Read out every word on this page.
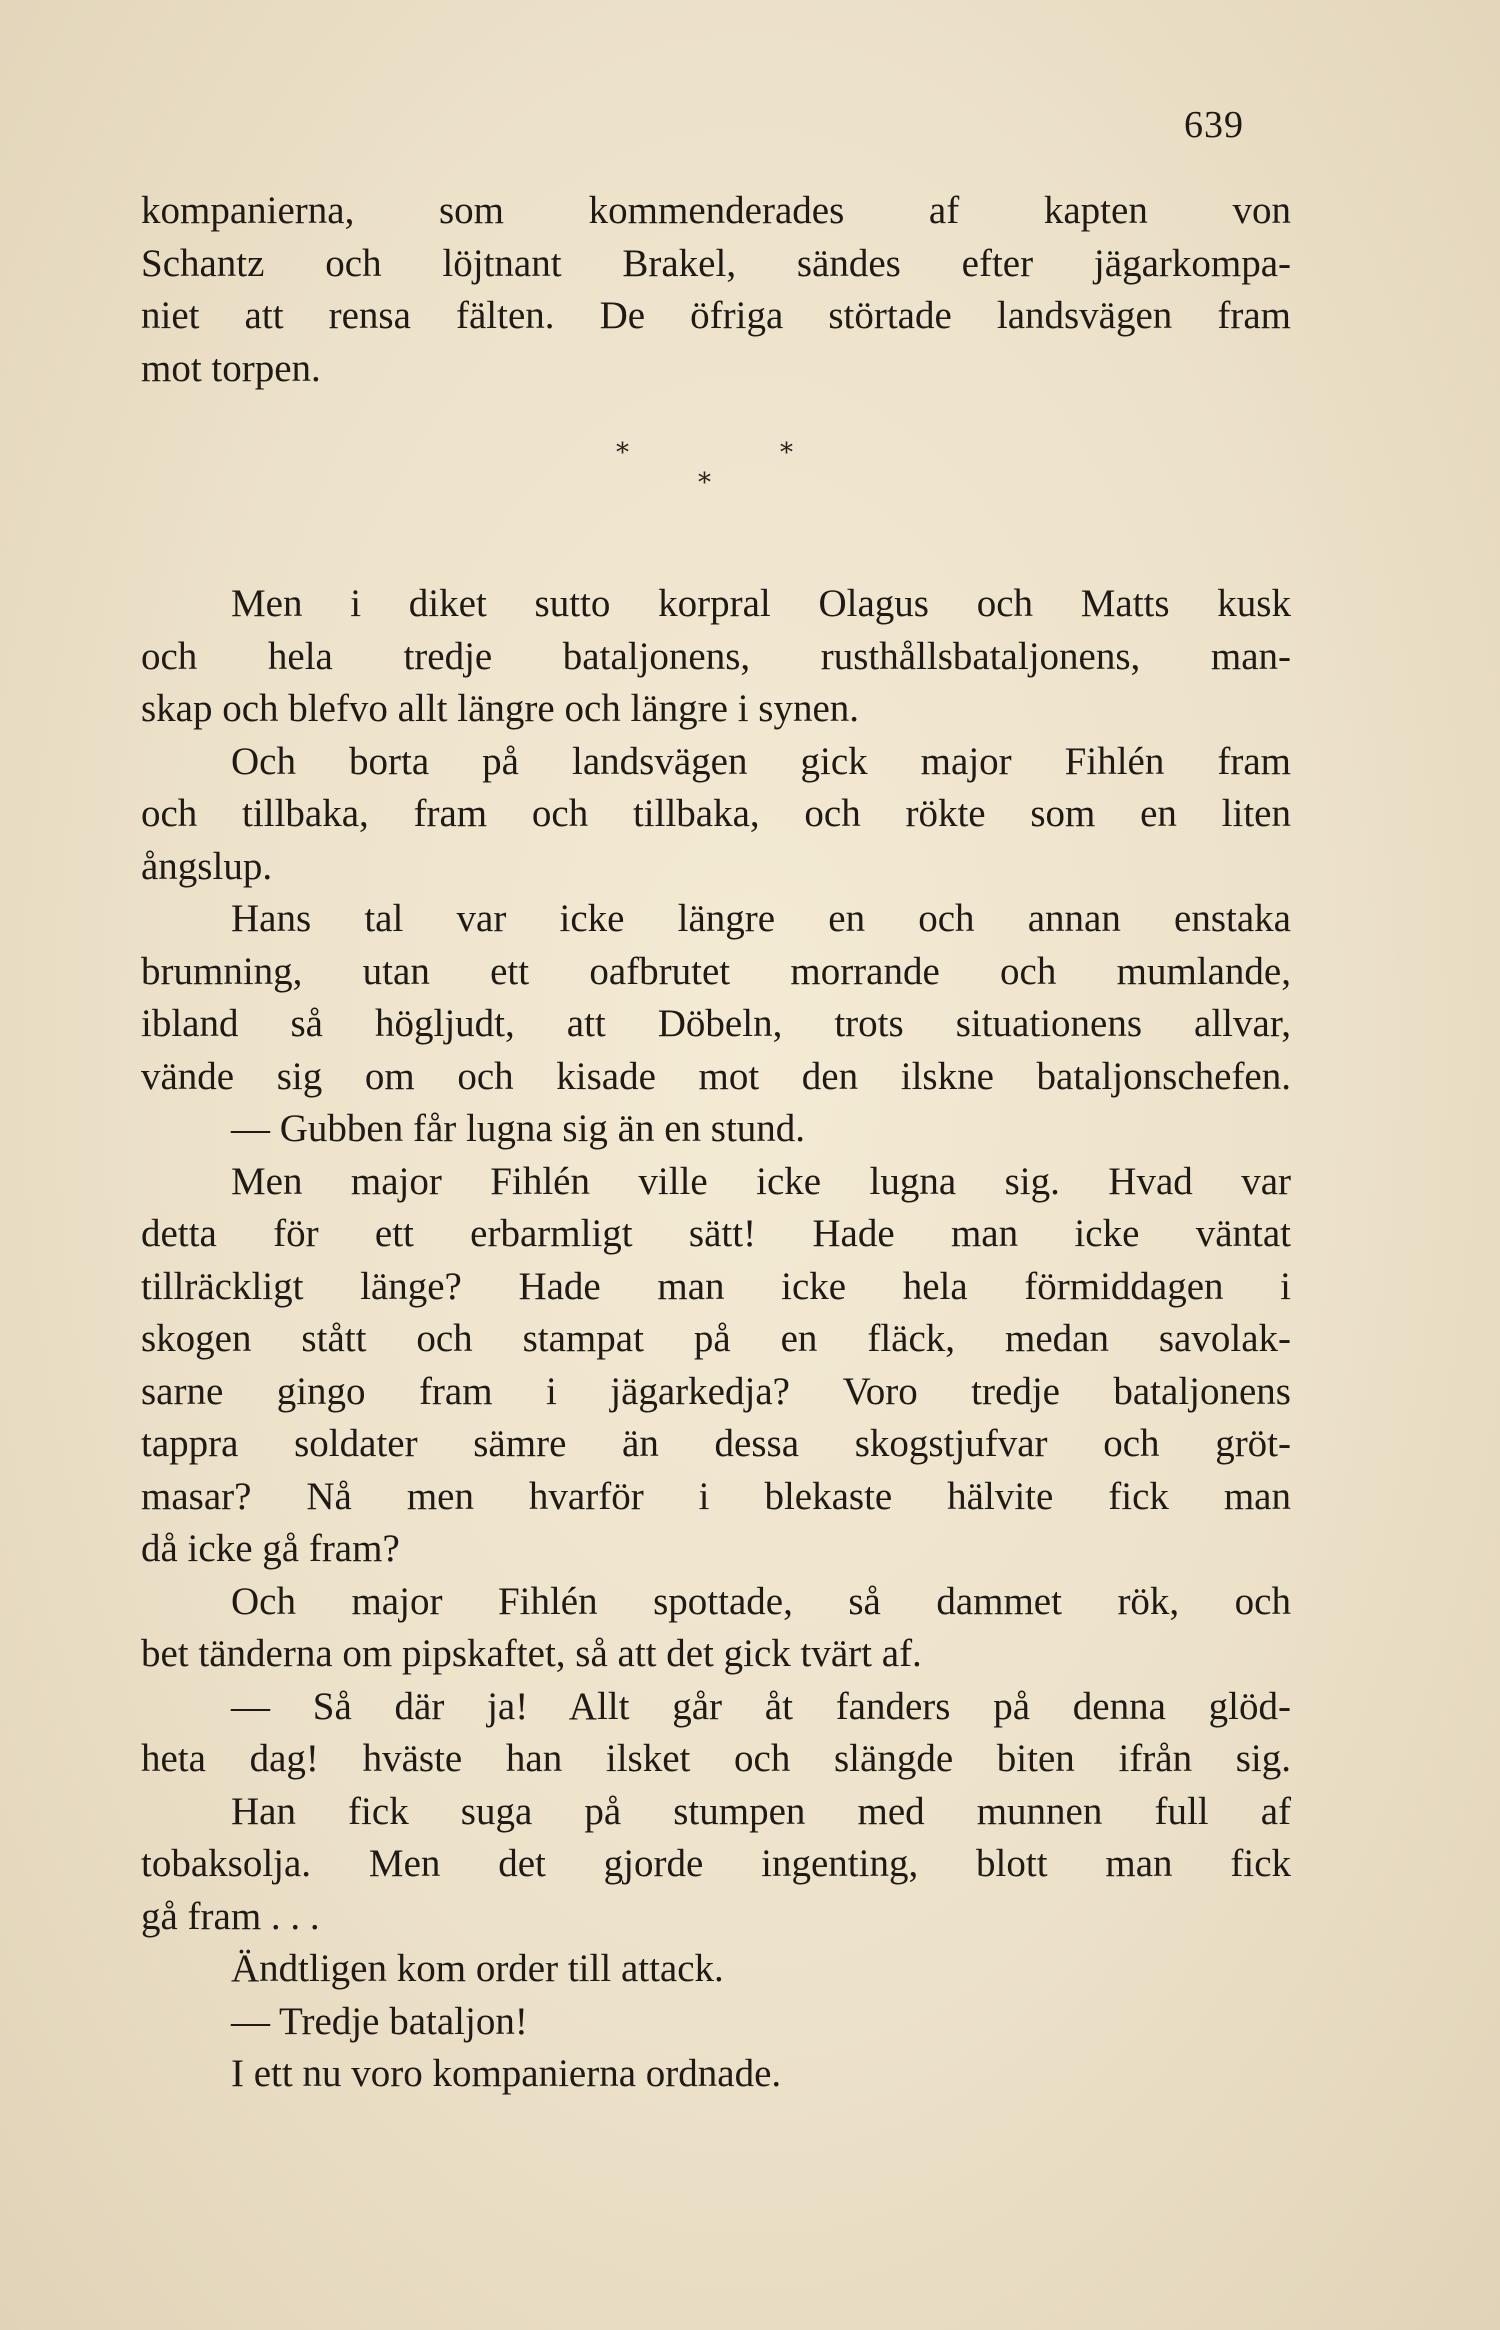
639

kompanierna, som kommenderades af kapten von

Schantz och löjtnant Brakel, sändes efter jägarkompa-

niet att rensa fälten. De öfriga störtade landsvägen fram

mot torpen.

*	*
*

Men i diket sutto korpral Olagus och Matts kusk

och hela tredje bataljonens, rusthållsbataljonens, man-

skap och blefvo allt längre och längre i synen.

Och borta på landsvägen gick major Fihlén fram

och tillbaka, fram och tillbaka, och rökte som en liten

ångslup.

Hans tal var icke längre en och annan enstaka

brumning, utan ett oafbrutet morrande och mumlande,

ibland så högljudt, att Döbeln, trots situationens allvar,

vände sig om och kisade mot den ilskne bataljonschefen.

— Gubben får lugna sig än en stund.

Men major Fihlén ville icke lugna sig. Hvad var

detta för ett erbarmligt sätt! Hade man icke väntat

tillräckligt länge? Hade man icke hela förmiddagen i

skogen stått och stampat på en fläck, medan savolak-

sarne gingo fram i jägarkedja? Voro tredje bataljonens

tappra soldater sämre än dessa skogstjufvar och gröt-

masar? Nå men hvarför i blekaste hälvite fick man

då icke gå fram?

Och major Fihlén spottade, så dammet rök, och

bet tänderna om pipskaftet, så att det gick tvärt af.

— Så där ja! Allt går åt fanders på denna glöd-

heta dag! hväste han ilsket och slängde biten ifrån sig.

Han fick suga på stumpen med munnen full af

tobaksolja. Men det gjorde ingenting, blott man fick

gå fram . . .

Ändtligen kom order till attack.

— Tredje bataljon!

I ett nu voro kompanierna ordnade.
